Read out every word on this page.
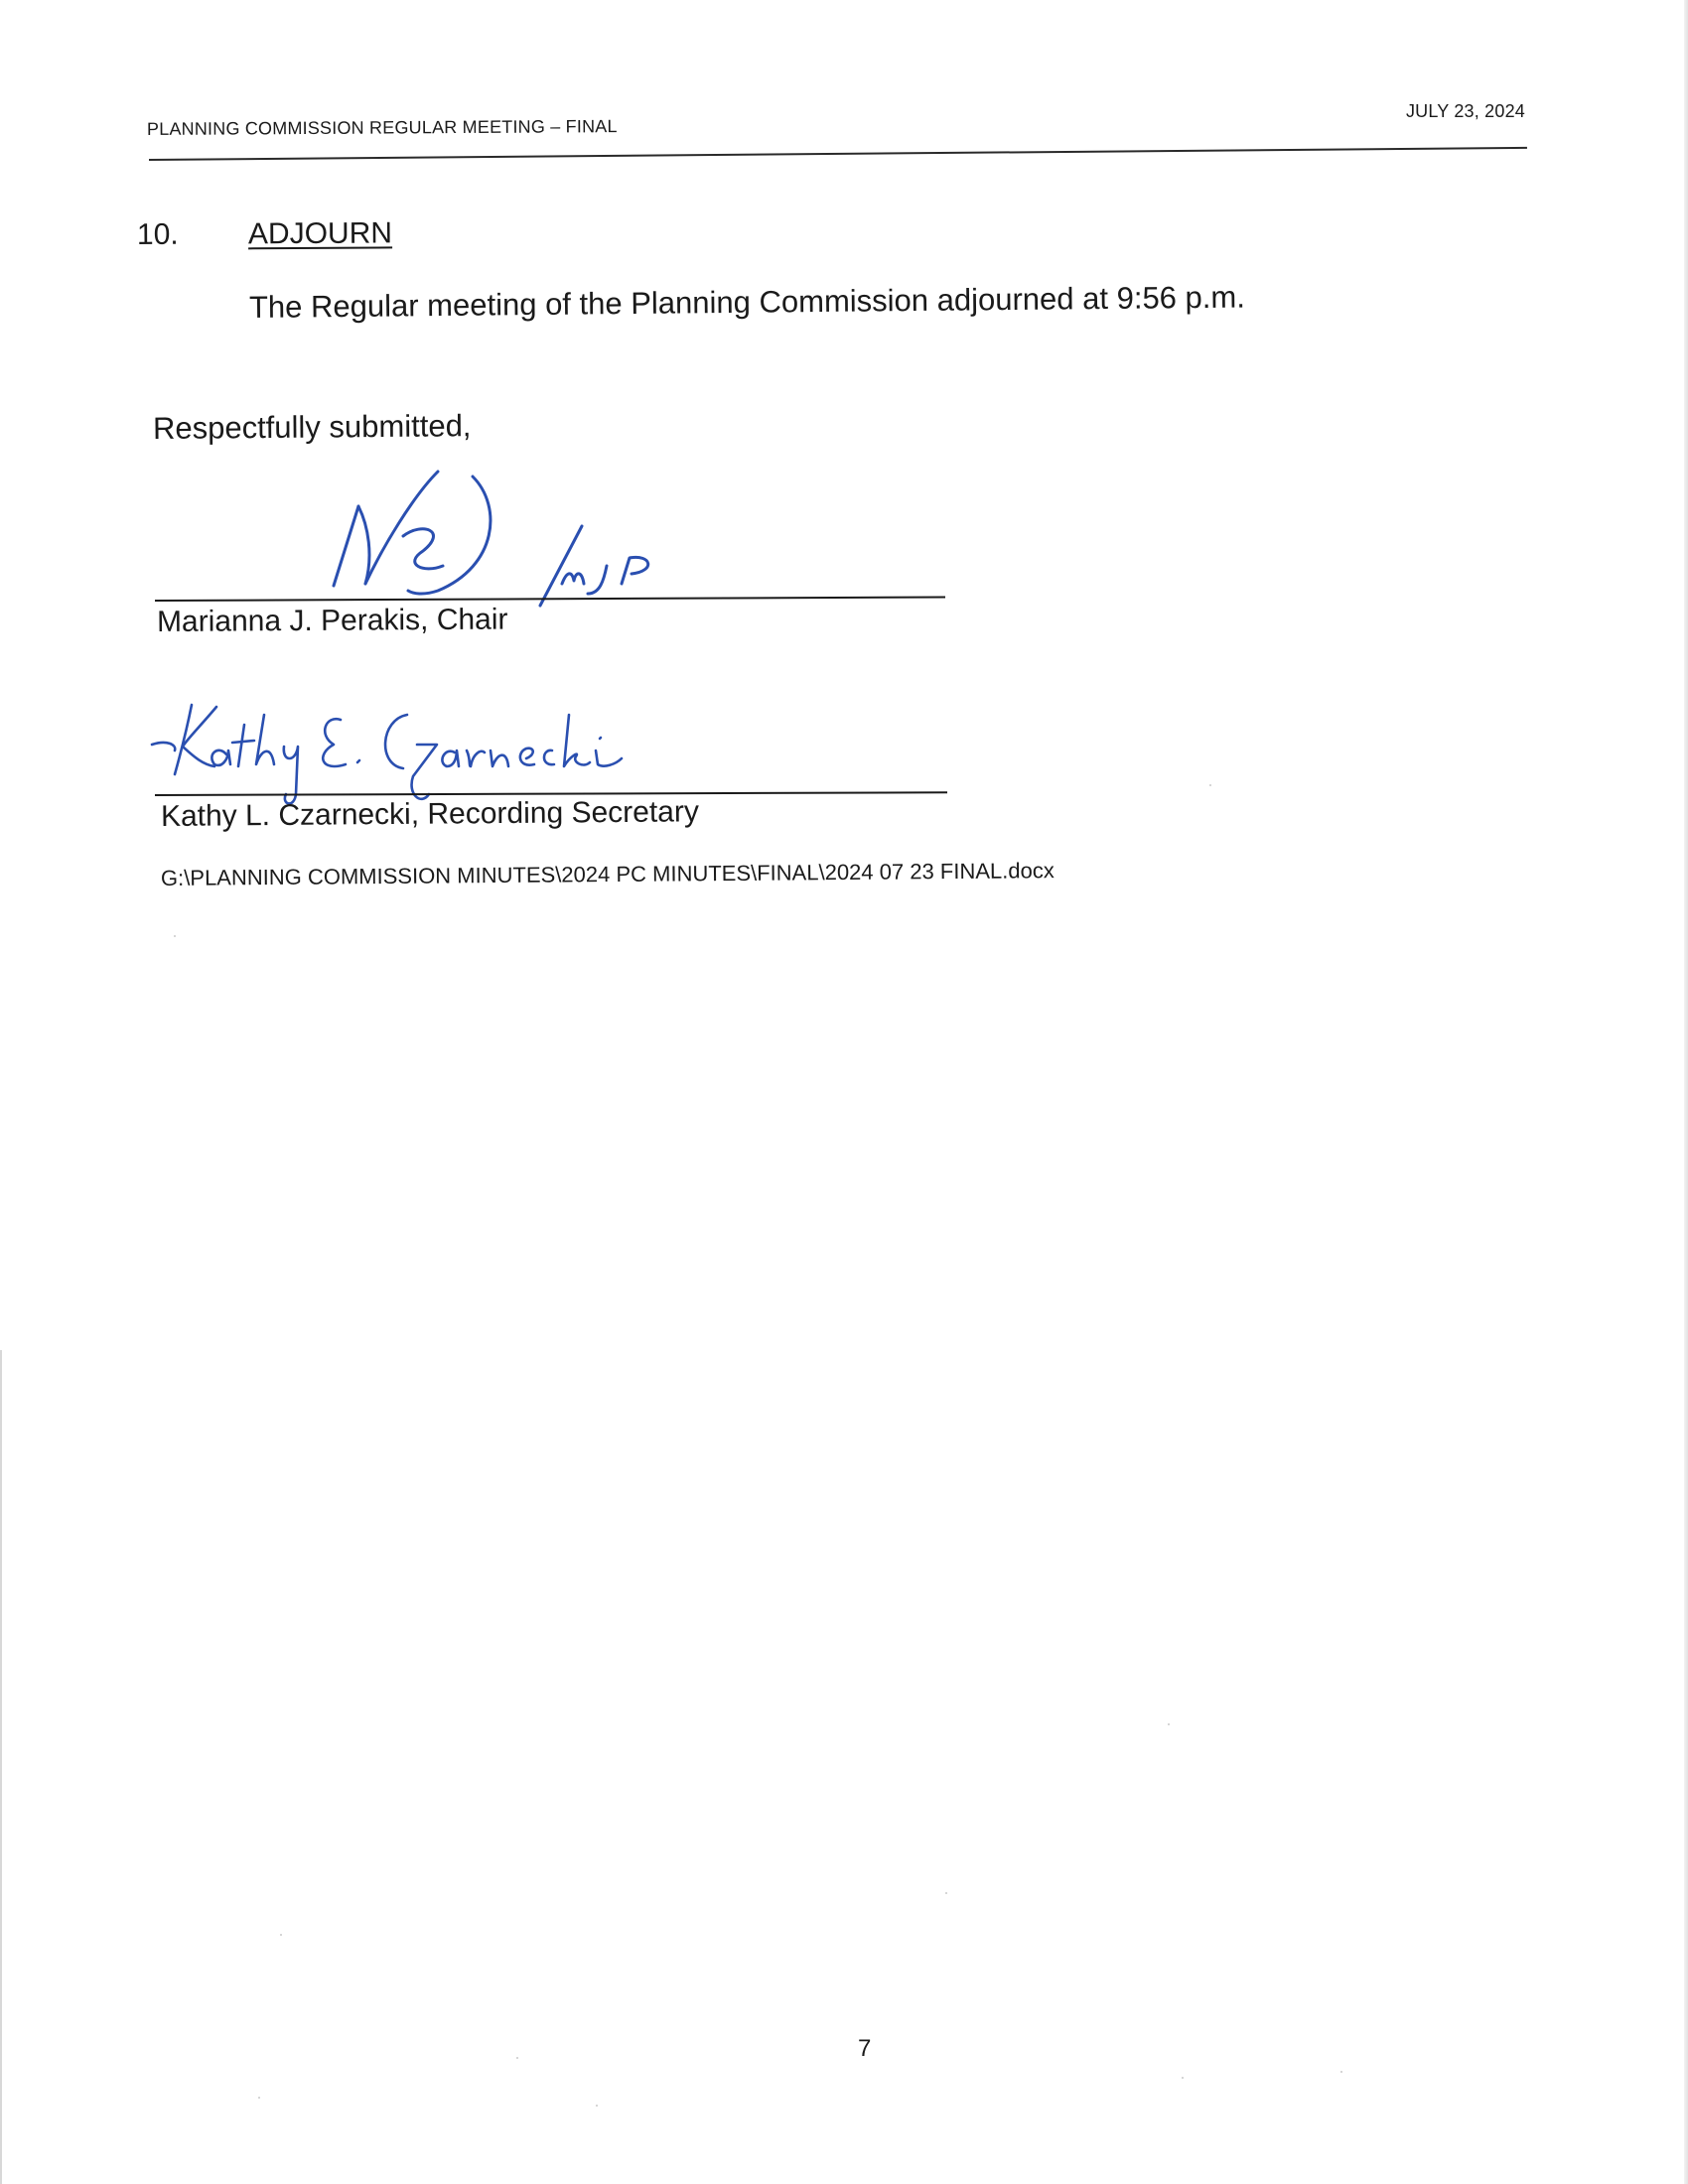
PLANNING COMMISSION REGULAR MEETING – FINAL
JULY 23, 2024
10. ADJOURN
The Regular meeting of the Planning Commission adjourned at 9:56 p.m.
Respectfully submitted,
Marianna J. Perakis, Chair
Kathy L. Czarnecki, Recording Secretary
G:\PLANNING COMMISSION MINUTES\2024 PC MINUTES\FINAL\2024 07 23 FINAL.docx
7
